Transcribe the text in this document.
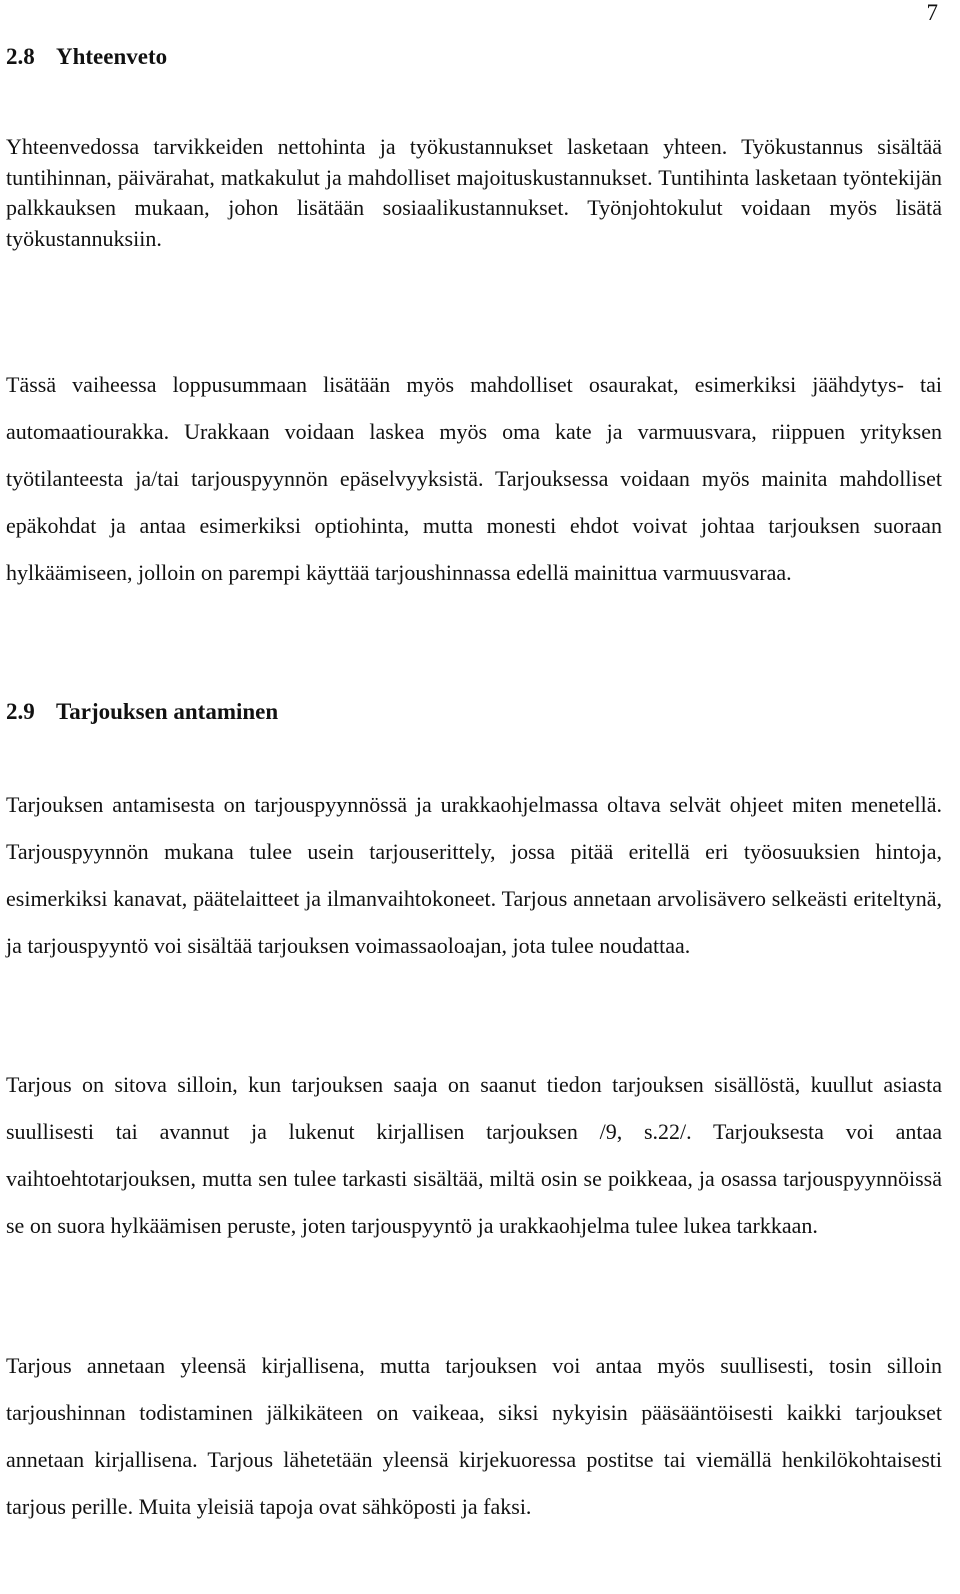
7
2.8 Yhteenveto

Yhteenvedossa tarvikkeiden nettohinta ja työkustannukset lasketaan yhteen. Työkustannus sisältää tuntihinnan, päivärahat, matkakulut ja mahdolliset majoituskustannukset. Tuntihinta lasketaan työntekijän palkkauksen mukaan, johon lisätään sosiaalikustannukset. Työnjohtokulut voidaan myös lisätä työkustannuksiin.

Tässä vaiheessa loppusummaan lisätään myös mahdolliset osaurakat, esimerkiksi jäähdytys- tai automaatiourakka. Urakkaan voidaan laskea myös oma kate ja varmuusvara, riippuen yrityksen työtilanteesta ja/tai tarjouspyynnön epäselvyyksistä. Tarjouksessa voidaan myös mainita mahdolliset epäkohdat ja antaa esimerkiksi optiohinta, mutta monesti ehdot voivat johtaa tarjouksen suoraan hylkäämiseen, jolloin on parempi käyttää tarjoushinnassa edellä mainittua varmuusvaraa.

2.9 Tarjouksen antaminen

Tarjouksen antamisesta on tarjouspyynnössä ja urakkaohjelmassa oltava selvät ohjeet miten menetellä. Tarjouspyynnön mukana tulee usein tarjouserittely, jossa pitää eritellä eri työosuuksien hintoja, esimerkiksi kanavat, päätelaitteet ja ilmanvaihtokoneet. Tarjous annetaan arvolisävero selkeästi eriteltynä, ja tarjouspyyntö voi sisältää tarjouksen voimassaoloajan, jota tulee noudattaa.

Tarjous on sitova silloin, kun tarjouksen saaja on saanut tiedon tarjouksen sisällöstä, kuullut asiasta suullisesti tai avannut ja lukenut kirjallisen tarjouksen /9, s.22/. Tarjouksesta voi antaa vaihtoehtotarjouksen, mutta sen tulee tarkasti sisältää, miltä osin se poikkeaa, ja osassa tarjouspyynnöissä se on suora hylkäämisen peruste, joten tarjouspyyntö ja urakkaohjelma tulee lukea tarkkaan.

Tarjous annetaan yleensä kirjallisena, mutta tarjouksen voi antaa myös suullisesti, tosin silloin tarjoushinnan todistaminen jälkikäteen on vaikeaa, siksi nykyisin pääsääntöisesti kaikki tarjoukset annetaan kirjallisena. Tarjous lähetetään yleensä kirjekuoressa postitse tai viemällä henkilökohtaisesti tarjous perille. Muita yleisiä tapoja ovat sähköposti ja faksi.
